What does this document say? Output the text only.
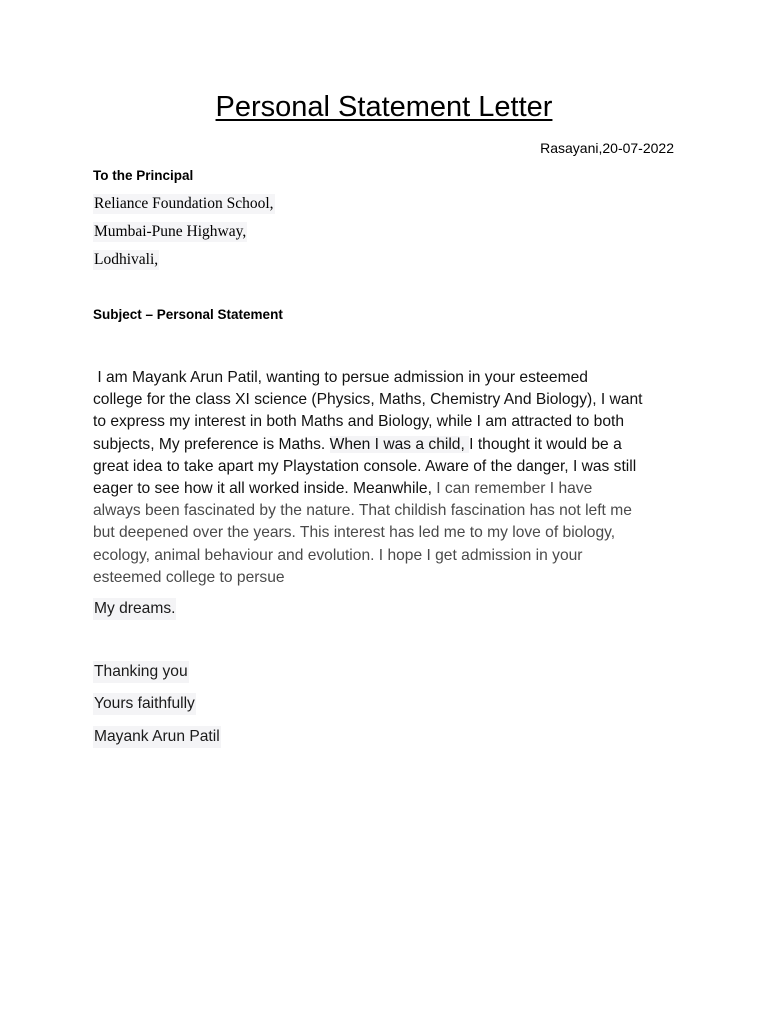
Personal Statement Letter
Rasayani,20-07-2022
To the Principal
Reliance Foundation School,
Mumbai-Pune Highway,
Lodhivali,
Subject – Personal Statement
I am Mayank Arun Patil, wanting to persue admission in your esteemed
college for the class XI science (Physics, Maths, Chemistry And Biology), I want
to express my interest in both Maths and Biology, while I am attracted to both
subjects, My preference is Maths. When I was a child, I thought it would be a
great idea to take apart my Playstation console. Aware of the danger, I was still
eager to see how it all worked inside. Meanwhile, I can remember I have
always been fascinated by the nature. That childish fascination has not left me
but deepened over the years. This interest has led me to my love of biology,
ecology, animal behaviour and evolution. I hope I get admission in your
esteemed college to persue
My dreams.
Thanking you
Yours faithfully
Mayank Arun Patil
